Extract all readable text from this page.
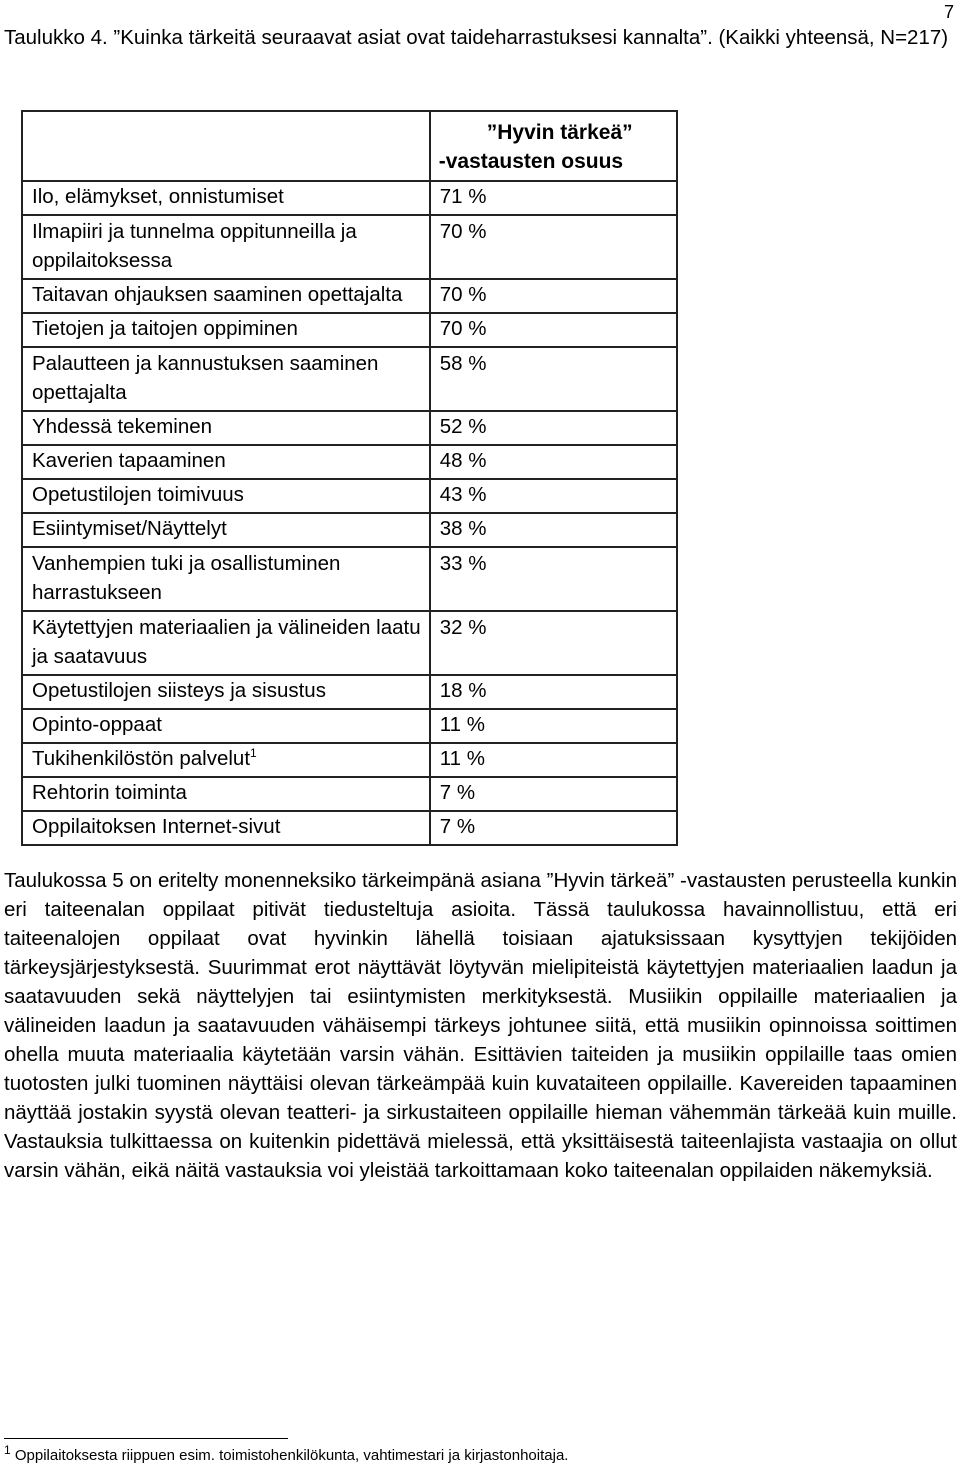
7
Taulukko 4. ”Kuinka tärkeitä seuraavat asiat ovat taideharrastuksesi kannalta”. (Kaikki yhteensä, N=217)

	”Hyvin tärkeä”
-vastausten osuus

Ilo, elämykset, onnistumiset	71 %
Ilmapiiri ja tunnelma oppitunneilla ja oppilaitoksessa	70 %
Taitavan ohjauksen saaminen opettajalta	70 %
Tietojen ja taitojen oppiminen	70 %
Palautteen ja kannustuksen saaminen opettajalta	58 %
Yhdessä tekeminen	52 %
Kaverien tapaaminen	48 %
Opetustilojen toimivuus	43 %
Esiintymiset/Näyttelyt	38 %
Vanhempien tuki ja osallistuminen harrastukseen	33 %
Käytettyjen materiaalien ja välineiden laatu ja saatavuus	32 %
Opetustilojen siisteys ja sisustus	18 %
Opinto-oppaat	11 %
Tukihenkilöstön palvelut$^1$	11 %
Rehtorin toiminta	7 %
Oppilaitoksen Internet-sivut	7 %
Taulukossa 5 on eritelty monenneksiko tärkeimpänä asiana ”Hyvin tärkeä” -vastausten perusteella kunkin eri taiteenalan oppilaat pitivät tiedusteltuja asioita. Tässä taulukossa havainnollistuu, että eri taiteenalojen oppilaat ovat hyvinkin lähellä toisiaan ajatuksissaan kysyttyjen tekijöiden tärkeysjärjestyksestä. Suurimmat erot näyttävät löytyvän mielipiteistä käytettyjen materiaalien laadun ja saatavuuden sekä näyttelyjen tai esiintymisten merkityksestä. Musiikin oppilaille materiaalien ja välineiden laadun ja saatavuuden vähäisempi tärkeys johtunee siitä, että musiikin opinnoissa soittimen ohella muuta materiaalia käytetään varsin vähän. Esittävien taiteiden ja musiikin oppilaille taas omien tuotosten julki tuominen näyttäisi olevan tärkeämpää kuin kuvataiteen oppilaille. Kavereiden tapaaminen näyttää jostakin syystä olevan teatteri- ja sirkustaiteen oppilaille hieman vähemmän tärkeää kuin muille. Vastauksia tulkittaessa on kuitenkin pidettävä mielessä, että yksittäisestä taiteenlajista vastaajia on ollut varsin vähän, eikä näitä vastauksia voi yleistää tarkoittamaan koko taiteenalan oppilaiden näkemyksiä.
$^1$ Oppilaitoksesta riippuen esim. toimistohenkilökunta, vahtimestari ja kirjastonhoitaja.
